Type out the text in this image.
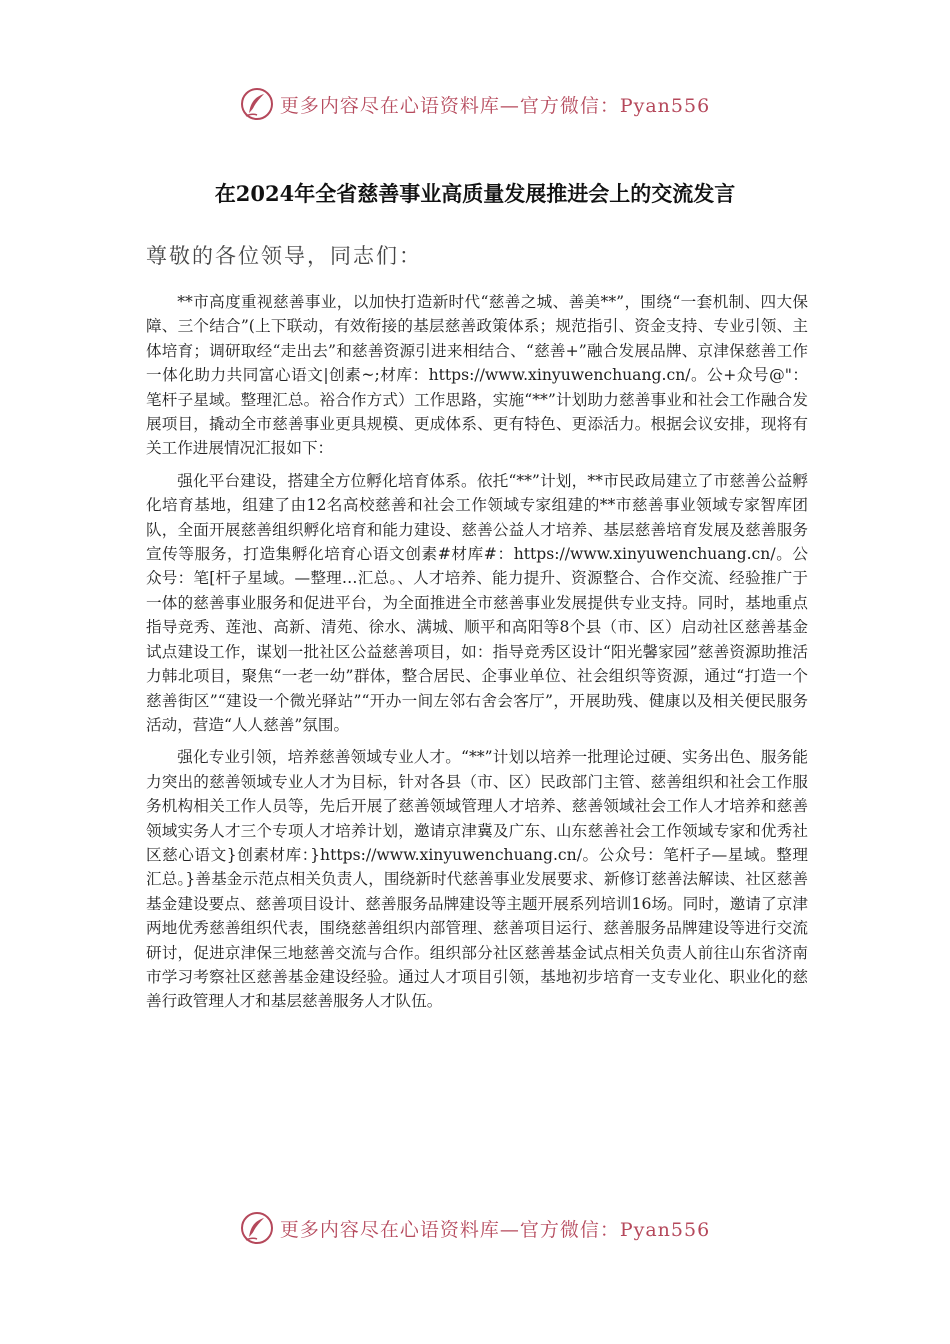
更多内容尽在心语资料库—官方微信：Pyan556
在2024年全省慈善事业高质量发展推进会上的交流发言
尊敬的各位领导，同志们：

**市高度重视慈善事业，以加快打造新时代“慈善之城、善美**”，围绕“一套机制、四大保障、三个结合”(上下联动，有效衔接的基层慈善政策体系；规范指引、资金支持、专业引领、主体培育；调研取经“走出去”和慈善资源引进来相结合、“慈善+”融合发展品牌、京津保慈善工作一体化助力共同富心语文|创素~;材库：https://www.xinyuwenchuang.cn/。公+众号@"：笔杆子星域。整理汇总。裕合作方式）工作思路，实施“**”计划助力慈善事业和社会工作融合发展项目，撬动全市慈善事业更具规模、更成体系、更有特色、更添活力。根据会议安排，现将有关工作进展情况汇报如下：

强化平台建设，搭建全方位孵化培育体系。依托“**”计划，**市民政局建立了市慈善公益孵化培育基地，组建了由12名高校慈善和社会工作领域专家组建的**市慈善事业领域专家智库团队，全面开展慈善组织孵化培育和能力建设、慈善公益人才培养、基层慈善培育发展及慈善服务宣传等服务，打造集孵化培育心语文创素#材库#：https://www.xinyuwenchuang.cn/。公众号：笔[杆子星域。—整理…汇总。、人才培养、能力提升、资源整合、合作交流、经验推广于一体的慈善事业服务和促进平台，为全面推进全市慈善事业发展提供专业支持。同时，基地重点指导竞秀、莲池、高新、清苑、徐水、满城、顺平和高阳等8个县（市、区）启动社区慈善基金试点建设工作，谋划一批社区公益慈善项目，如：指导竞秀区设计“阳光馨家园”慈善资源助推活力韩北项目，聚焦“一老一幼”群体，整合居民、企事业单位、社会组织等资源，通过“打造一个慈善街区”“建设一个微光驿站”“开办一间左邻右舍会客厅”，开展助残、健康以及相关便民服务活动，营造“人人慈善”氛围。

强化专业引领，培养慈善领域专业人才。“**”计划以培养一批理论过硬、实务出色、服务能力突出的慈善领域专业人才为目标，针对各县（市、区）民政部门主管、慈善组织和社会工作服务机构相关工作人员等，先后开展了慈善领域管理人才培养、慈善领域社会工作人才培养和慈善领域实务人才三个专项人才培养计划，邀请京津冀及广东、山东慈善社会工作领域专家和优秀社区慈心语文}创素材库：}https://www.xinyuwenchuang.cn/。公众号：笔杆子—星域。整理汇总。}善基金示范点相关负责人，围绕新时代慈善事业发展要求、新修订慈善法解读、社区慈善基金建设要点、慈善项目设计、慈善服务品牌建设等主题开展系列培训16场。同时，邀请了京津两地优秀慈善组织代表，围绕慈善组织内部管理、慈善项目运行、慈善服务品牌建设等进行交流研讨，促进京津保三地慈善交流与合作。组织部分社区慈善基金试点相关负责人前往山东省济南市学习考察社区慈善基金建设经验。通过人才项目引领，基地初步培育一支专业化、职业化的慈善行政管理人才和基层慈善服务人才队伍。

更多内容尽在心语资料库—官方微信：Pyan556
